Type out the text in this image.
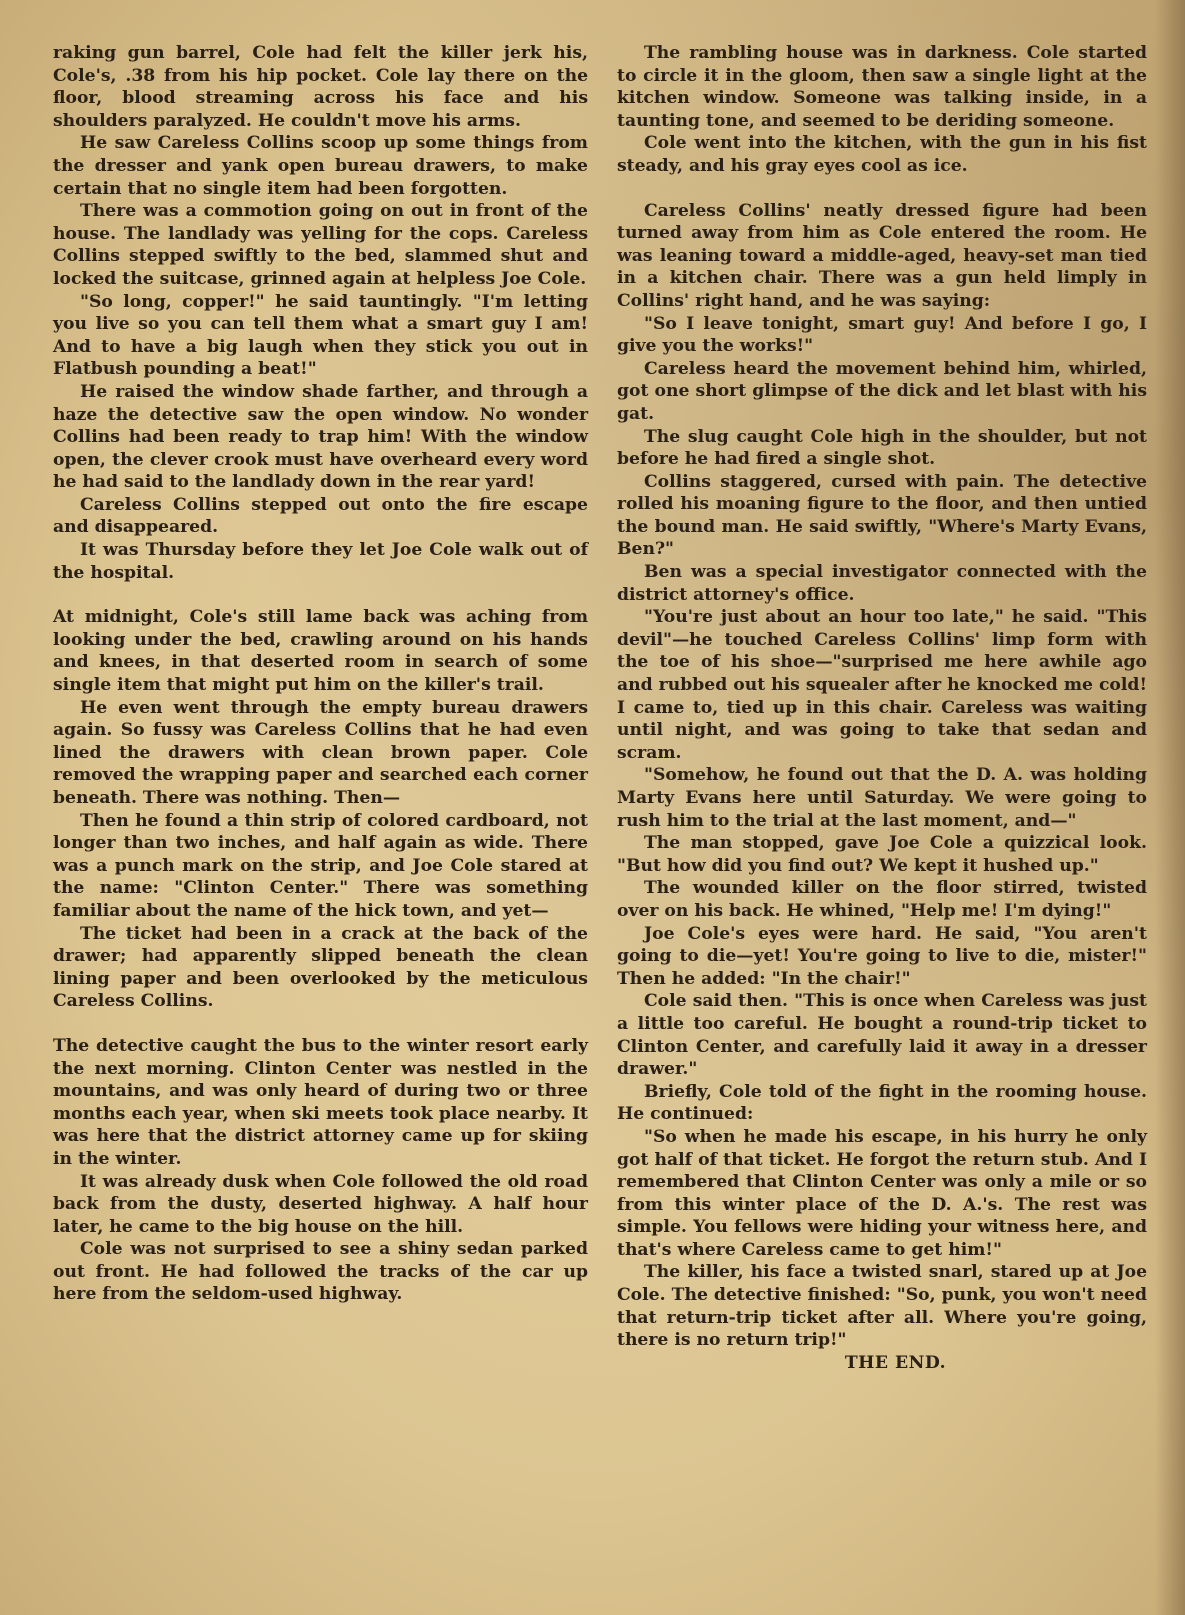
raking gun barrel, Cole had felt the killer jerk his, Cole's, .38 from his hip pocket. Cole lay there on the floor, blood streaming across his face and his shoulders paralyzed. He couldn't move his arms.

He saw Careless Collins scoop up some things from the dresser and yank open bureau drawers, to make certain that no single item had been forgotten.

There was a commotion going on out in front of the house. The landlady was yelling for the cops. Careless Collins stepped swiftly to the bed, slammed shut and locked the suitcase, grinned again at helpless Joe Cole.

"So long, copper!" he said tauntingly. "I'm letting you live so you can tell them what a smart guy I am! And to have a big laugh when they stick you out in Flatbush pounding a beat!"

He raised the window shade farther, and through a haze the detective saw the open window. No wonder Collins had been ready to trap him! With the window open, the clever crook must have overheard every word he had said to the landlady down in the rear yard!

Careless Collins stepped out onto the fire escape and disappeared.

It was Thursday before they let Joe Cole walk out of the hospital.

At midnight, Cole's still lame back was aching from looking under the bed, crawling around on his hands and knees, in that deserted room in search of some single item that might put him on the killer's trail.

He even went through the empty bureau drawers again. So fussy was Careless Collins that he had even lined the drawers with clean brown paper. Cole removed the wrapping paper and searched each corner beneath. There was nothing. Then—

Then he found a thin strip of colored cardboard, not longer than two inches, and half again as wide. There was a punch mark on the strip, and Joe Cole stared at the name: "Clinton Center." There was something familiar about the name of the hick town, and yet—

The ticket had been in a crack at the back of the drawer; had apparently slipped beneath the clean lining paper and been overlooked by the meticulous Careless Collins.

The detective caught the bus to the winter resort early the next morning. Clinton Center was nestled in the mountains, and was only heard of during two or three months each year, when ski meets took place nearby. It was here that the district attorney came up for skiing in the winter.

It was already dusk when Cole followed the old road back from the dusty, deserted highway. A half hour later, he came to the big house on the hill.

Cole was not surprised to see a shiny sedan parked out front. He had followed the tracks of the car up here from the seldom-used highway.

The rambling house was in darkness. Cole started to circle it in the gloom, then saw a single light at the kitchen window. Someone was talking inside, in a taunting tone, and seemed to be deriding someone.

Cole went into the kitchen, with the gun in his fist steady, and his gray eyes cool as ice.

Careless Collins' neatly dressed figure had been turned away from him as Cole entered the room. He was leaning toward a middle-aged, heavy-set man tied in a kitchen chair. There was a gun held limply in Collins' right hand, and he was saying:

"So I leave tonight, smart guy! And before I go, I give you the works!"

Careless heard the movement behind him, whirled, got one short glimpse of the dick and let blast with his gat.

The slug caught Cole high in the shoulder, but not before he had fired a single shot.

Collins staggered, cursed with pain. The detective rolled his moaning figure to the floor, and then untied the bound man. He said swiftly, "Where's Marty Evans, Ben?"

Ben was a special investigator connected with the district attorney's office.

"You're just about an hour too late," he said. "This devil"—he touched Careless Collins' limp form with the toe of his shoe—"surprised me here awhile ago and rubbed out his squealer after he knocked me cold! I came to, tied up in this chair. Careless was waiting until night, and was going to take that sedan and scram.

"Somehow, he found out that the D. A. was holding Marty Evans here until Saturday. We were going to rush him to the trial at the last moment, and—"

The man stopped, gave Joe Cole a quizzical look. "But how did you find out? We kept it hushed up."

The wounded killer on the floor stirred, twisted over on his back. He whined, "Help me! I'm dying!"

Joe Cole's eyes were hard. He said, "You aren't going to die—yet! You're going to live to die, mister!" Then he added: "In the chair!"

Cole said then. "This is once when Careless was just a little too careful. He bought a round-trip ticket to Clinton Center, and carefully laid it away in a dresser drawer."

Briefly, Cole told of the fight in the rooming house. He continued:

"So when he made his escape, in his hurry he only got half of that ticket. He forgot the return stub. And I remembered that Clinton Center was only a mile or so from this winter place of the D. A.'s. The rest was simple. You fellows were hiding your witness here, and that's where Careless came to get him!"

The killer, his face a twisted snarl, stared up at Joe Cole. The detective finished: "So, punk, you won't need that return-trip ticket after all. Where you're going, there is no return trip!"

THE END.
